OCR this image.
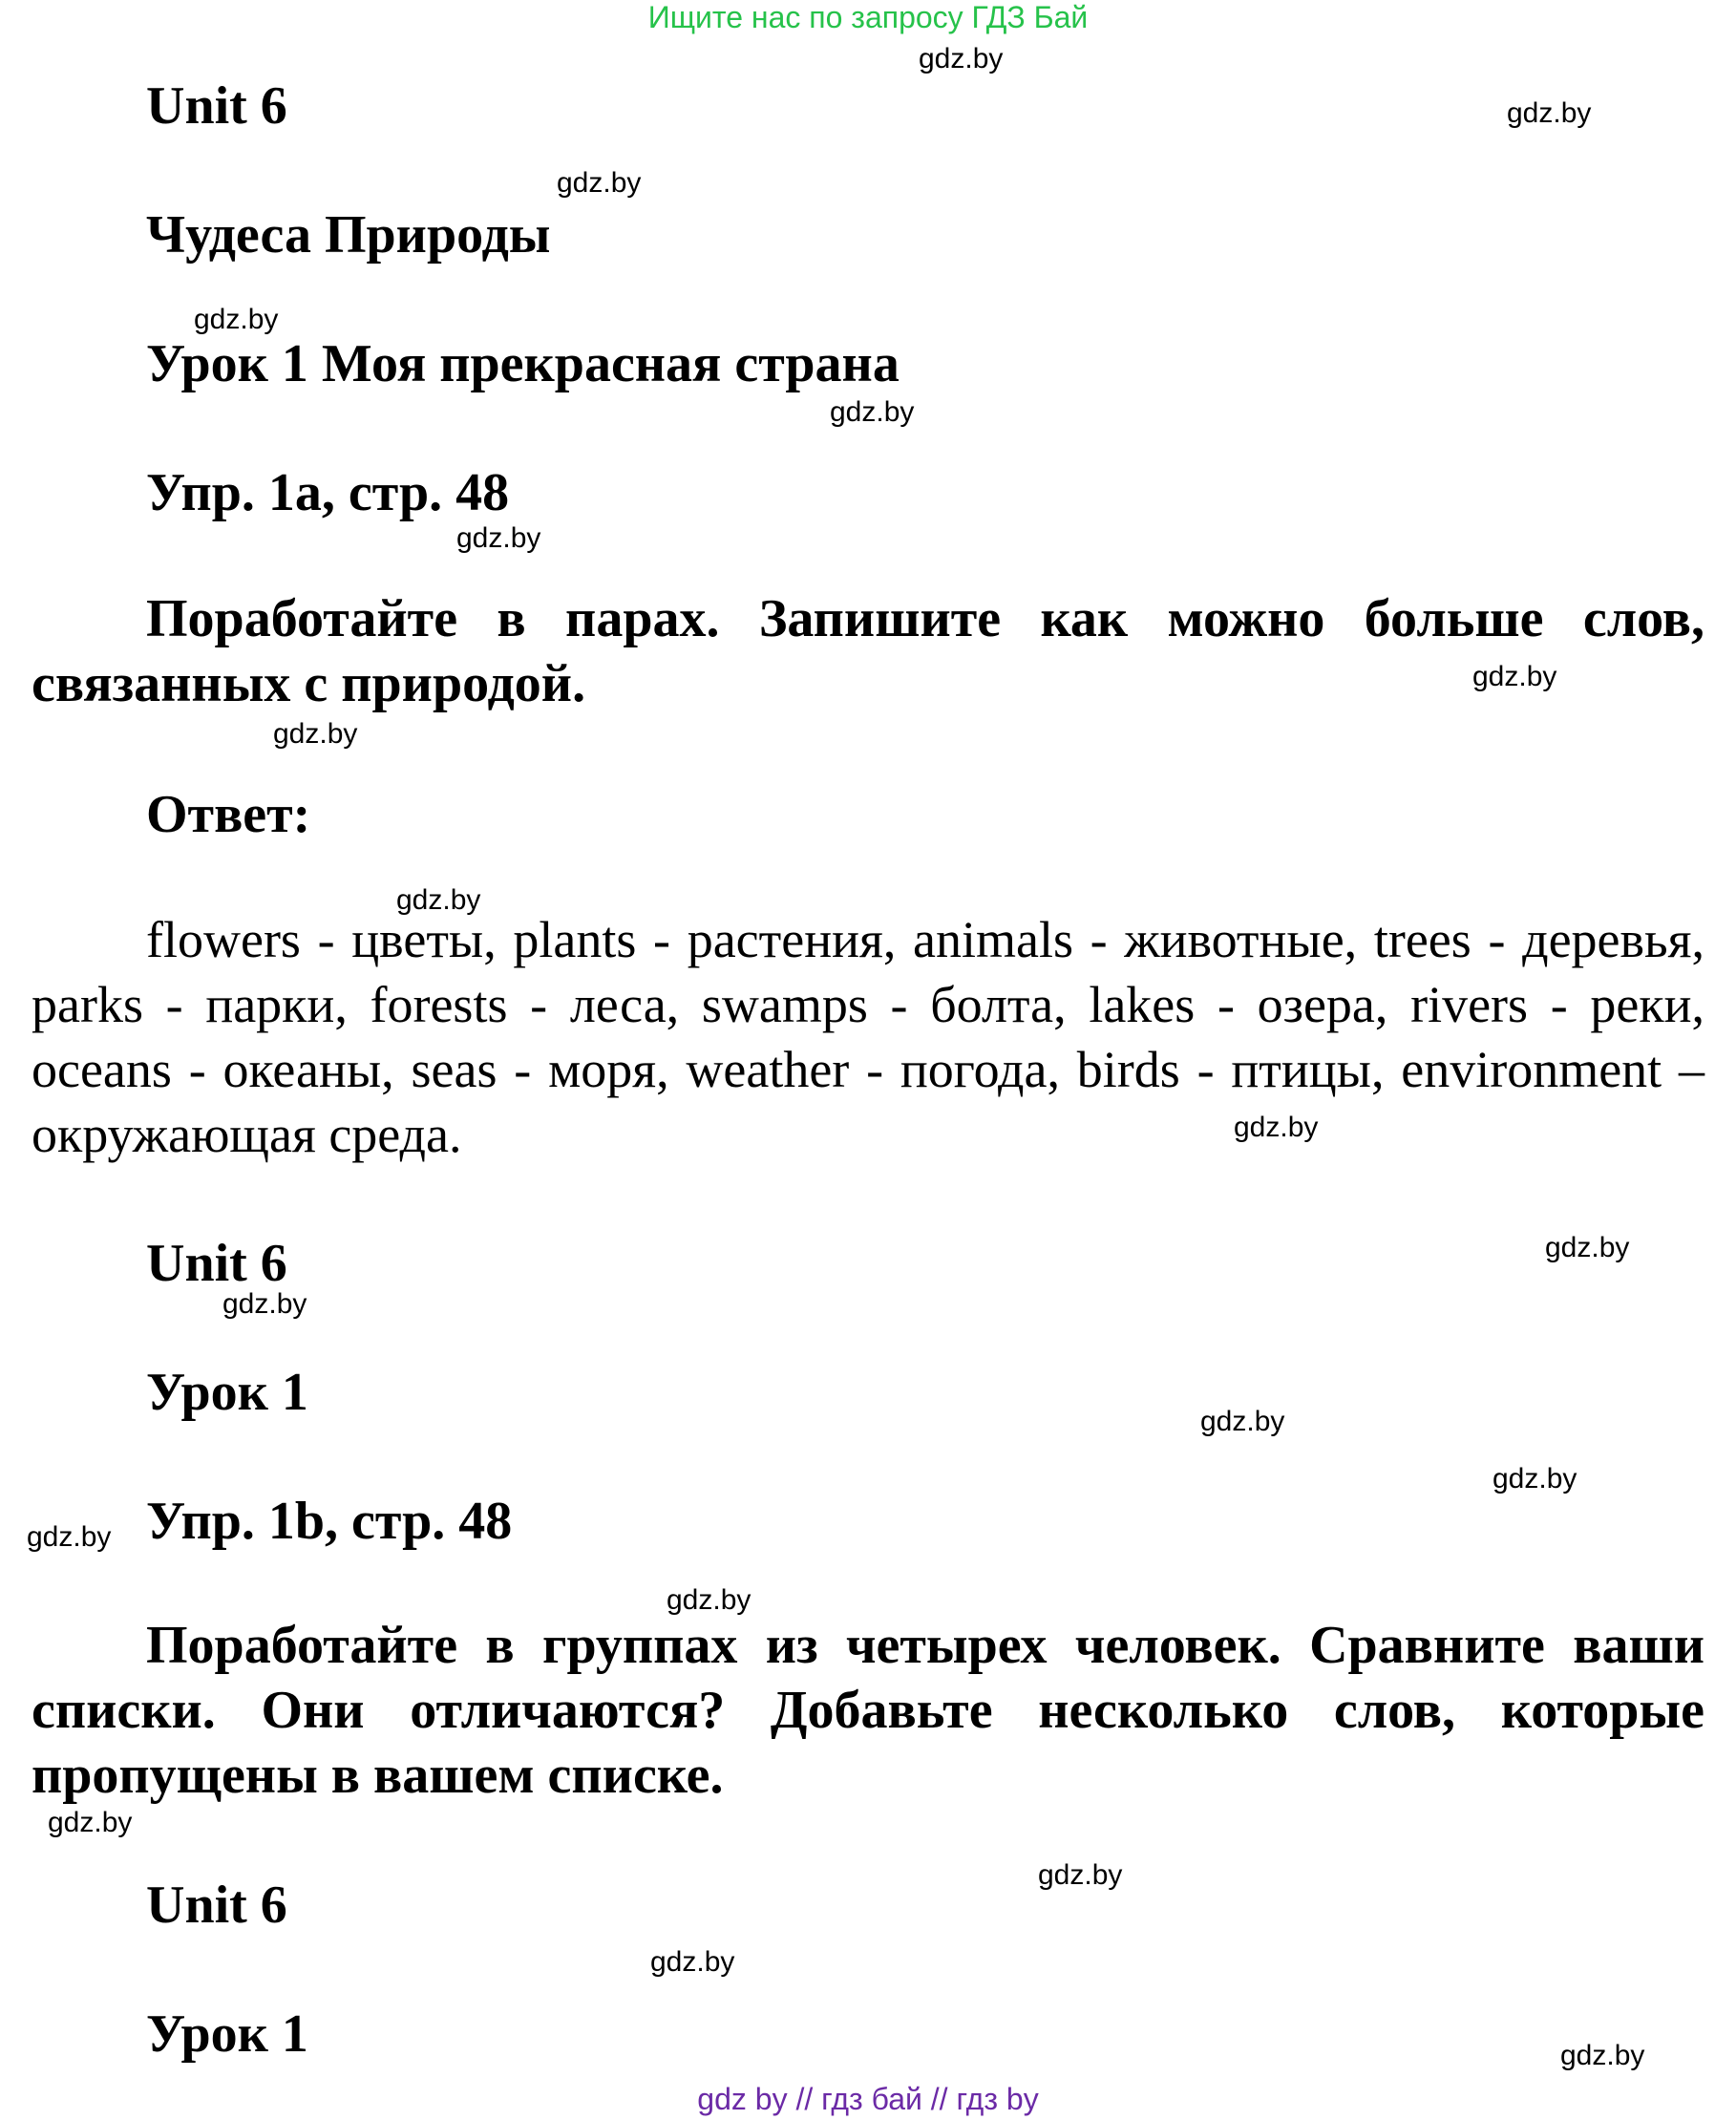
Ищите нас по запросу ГДЗ Бай
Unit 6
Чудеса Природы
Урок 1 Моя прекрасная страна
Упр. 1a, стр. 48

Поработайте в парах. Запишите как можно больше слов, связанных с природой.

Ответ:

flowers - цветы, plants - растения, animals - животные, trees - деревья, parks - парки, forests - леса, swamps - болта, lakes - озера, rivers - реки, oceans - океаны, seas - моря, weather - погода, birds - птицы, environment – окружающая среда.

Unit 6
Урок 1
Упр. 1b, стр. 48

Поработайте в группах из четырех человек. Сравните ваши списки. Они отличаются? Добавьте несколько слов, которые пропущены в вашем списке.

Unit 6
Урок 1
gdz.by
gdz.by
gdz.by
gdz.by
gdz.by
gdz.by
gdz.by
gdz.by
gdz.by
gdz.by
gdz.by
gdz.by
gdz.by
gdz.by
gdz.by
gdz.by
gdz.by
gdz.by
gdz.by
gdz.by
gdz by // гдз бай // гдз by
